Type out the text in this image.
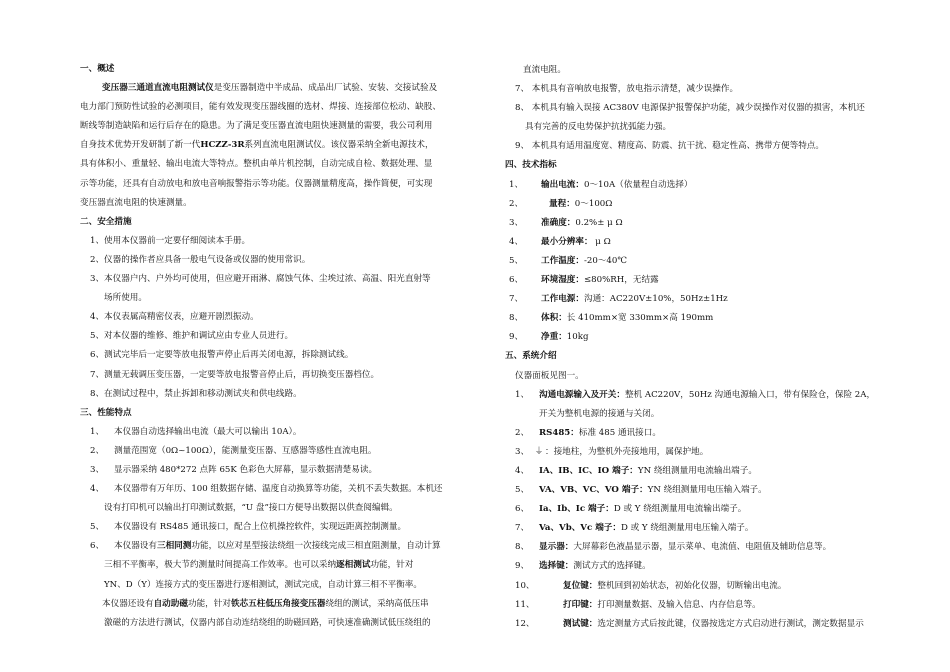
一、概述
变压器三通道直流电阻测试仪是变压器制造中半成品、成品出厂试验、安装、交接试验及
电力部门预防性试验的必测项目，能有效发现变压器线圈的选材、焊接、连接部位松动、缺股、
断线等制造缺陷和运行后存在的隐患。为了满足变压器直流电阻快速测量的需要，我公司利用
自身技术优势开发研制了新一代HCZZ-3R系列直流电阻测试仪。该仪器采纳全新电源技术，
具有体积小、重量轻、输出电流大等特点。整机由单片机控制，自动完成自检、数据处理、显
示等功能，还具有自动放电和放电音响报警指示等功能。仪器测量精度高，操作简便，可实现
变压器直流电阻的快速测量。
二、安全措施
1、使用本仪器前一定要仔细阅读本手册。
2、仪器的操作者应具备一般电气设备或仪器的使用常识。
3、本仪器户内、户外均可使用，但应避开雨淋、腐蚀气体、尘埃过浓、高温、阳光直射等
场所使用。
4、本仪表属高精密仪表，应避开剧烈振动。
5、对本仪器的维修、维护和调试应由专业人员进行。
6、测试完毕后一定要等放电报警声停止后再关闭电源，拆除测试线。
7、测量无载调压变压器，一定要等放电报警音停止后，再切换变压器档位。
8、在测试过程中，禁止拆卸和移动测试夹和供电线路。
三、性能特点
1、 本仪器自动选择输出电流（最大可以输出 10A）。
2、 测量范围宽（0Ω~100Ω），能测量变压器、互感器等感性直流电阻。
3、 显示器采纳 480*272 点阵 65K 色彩色大屏幕，显示数据清楚易读。
4、 本仪器带有万年历、100 组数据存储、温度自动换算等功能，关机不丢失数据。本机还
设有打印机可以输出打印测试数据，“U 盘”接口方便导出数据以供查阅编辑。
5、 本仪器设有 RS485 通讯接口，配合上位机操控软件，实现远距离控制测量。
6、 本仪器设有三相同测功能，以应对星型接法绕组一次接线完成三相直阻测量，自动计算
三相不平衡率，极大节约测量时间提高工作效率。也可以采纳逐相测试功能，针对
YN、D（Y）连接方式的变压器进行逐相测试，测试完成，自动计算三相不平衡率。
本仪器还设有自动助磁功能，针对铁芯五柱低压角接变压器绕组的测试，采纳高低压串
激磁的方法进行测试，仪器内部自动连结绕组的助磁回路，可快速准确测试低压绕组的
直流电阻。
7、 本机具有音响放电报警，放电指示清楚，减少误操作。
8、 本机具有输入误接 AC380V 电源保护报警保护功能，减少误操作对仪器的损害，本机还
具有完善的反电势保护抗扰弧能力强。
9、 本机具有适用温度宽、精度高、防震、抗干扰、稳定性高、携带方便等特点。
四、技术指标
1、 输出电流：0～10A（依量程自动选择）
2、	量程：0～100Ω
3、 准确度：0.2%± μ Ω
4、 最小分辨率： μ Ω
5、 工作温度：-20～40℃
6、 环境湿度：≤80%RH，无结露
7、 工作电源：沟通：AC220V±10%，50Hz±1Hz
8、 体积：长 410mm×宽 330mm×高 190mm
9、 净重：10kg
五、系统介绍
仪器面板见图一。
1、 沟通电源输入及开关：整机 AC220V，50Hz 沟通电源输入口，带有保险仓，保险 2A，
开关为整机电源的接通与关闭。
2、 RS485：标准 485 通讯接口。
3、 ⏚ ：接地柱，为整机外壳接地用，属保护地。
4、 IA、IB、IC、IO 端子：YN 绕组测量用电流输出端子。
5、 VA、VB、VC、VO 端子：YN 绕组测量用电压输入端子。
6、 Ia、Ib、Ic 端子：D 或 Y 绕组测量用电流输出端子。
7、 Va、Vb、Vc 端子：D 或 Y 绕组测量用电压输入端子。
8、 显示器：大屏幕彩色液晶显示器，显示菜单、电流值、电阻值及辅助信息等。
9、 选择键：测试方式的选择键。
10、	复位键：整机回到初始状态，初始化仪器，切断输出电流。
11、	打印键：打印测量数据、及输入信息、内存信息等。
12、	测试键：选定测量方式后按此键，仪器按选定方式启动进行测试，测定数据显示
